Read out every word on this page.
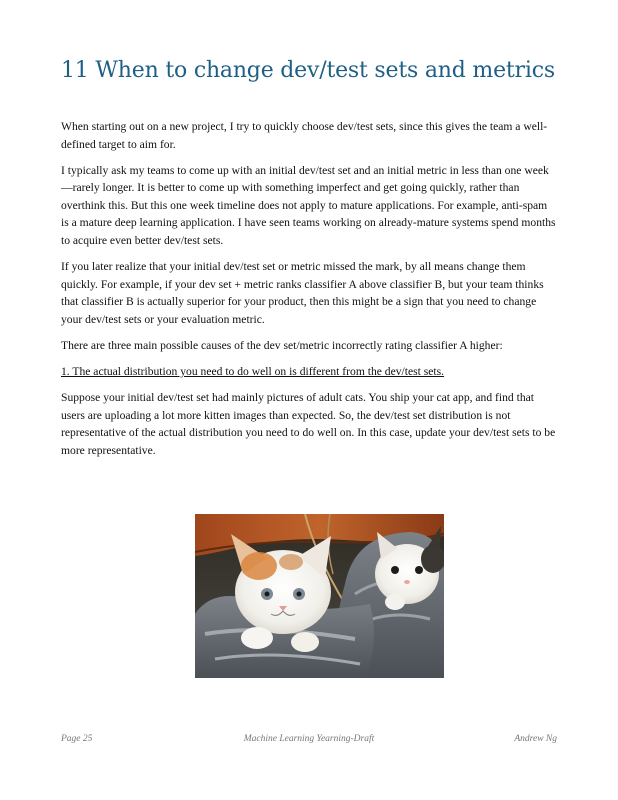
11 When to change dev/test sets and metrics

When starting out on a new project, I try to quickly choose dev/test sets, since this gives the team a well-defined target to aim for.

I typically ask my teams to come up with an initial dev/test set and an initial metric in less than one week—rarely longer. It is better to come up with something imperfect and get going quickly, rather than overthink this. But this one week timeline does not apply to mature applications. For example, anti-spam is a mature deep learning application. I have seen teams working on already-mature systems spend months to acquire even better dev/test sets.

If you later realize that your initial dev/test set or metric missed the mark, by all means change them quickly. For example, if your dev set + metric ranks classifier A above classifier B, but your team thinks that classifier B is actually superior for your product, then this might be a sign that you need to change your dev/test sets or your evaluation metric.

There are three main possible causes of the dev set/metric incorrectly rating classifier A higher:

1. The actual distribution you need to do well on is different from the dev/test sets.

Suppose your initial dev/test set had mainly pictures of adult cats. You ship your cat app, and find that users are uploading a lot more kitten images than expected. So, the dev/test set distribution is not representative of the actual distribution you need to do well on. In this case, update your dev/test sets to be more representative.

Page 25	Machine Learning Yearning-Draft	Andrew Ng
